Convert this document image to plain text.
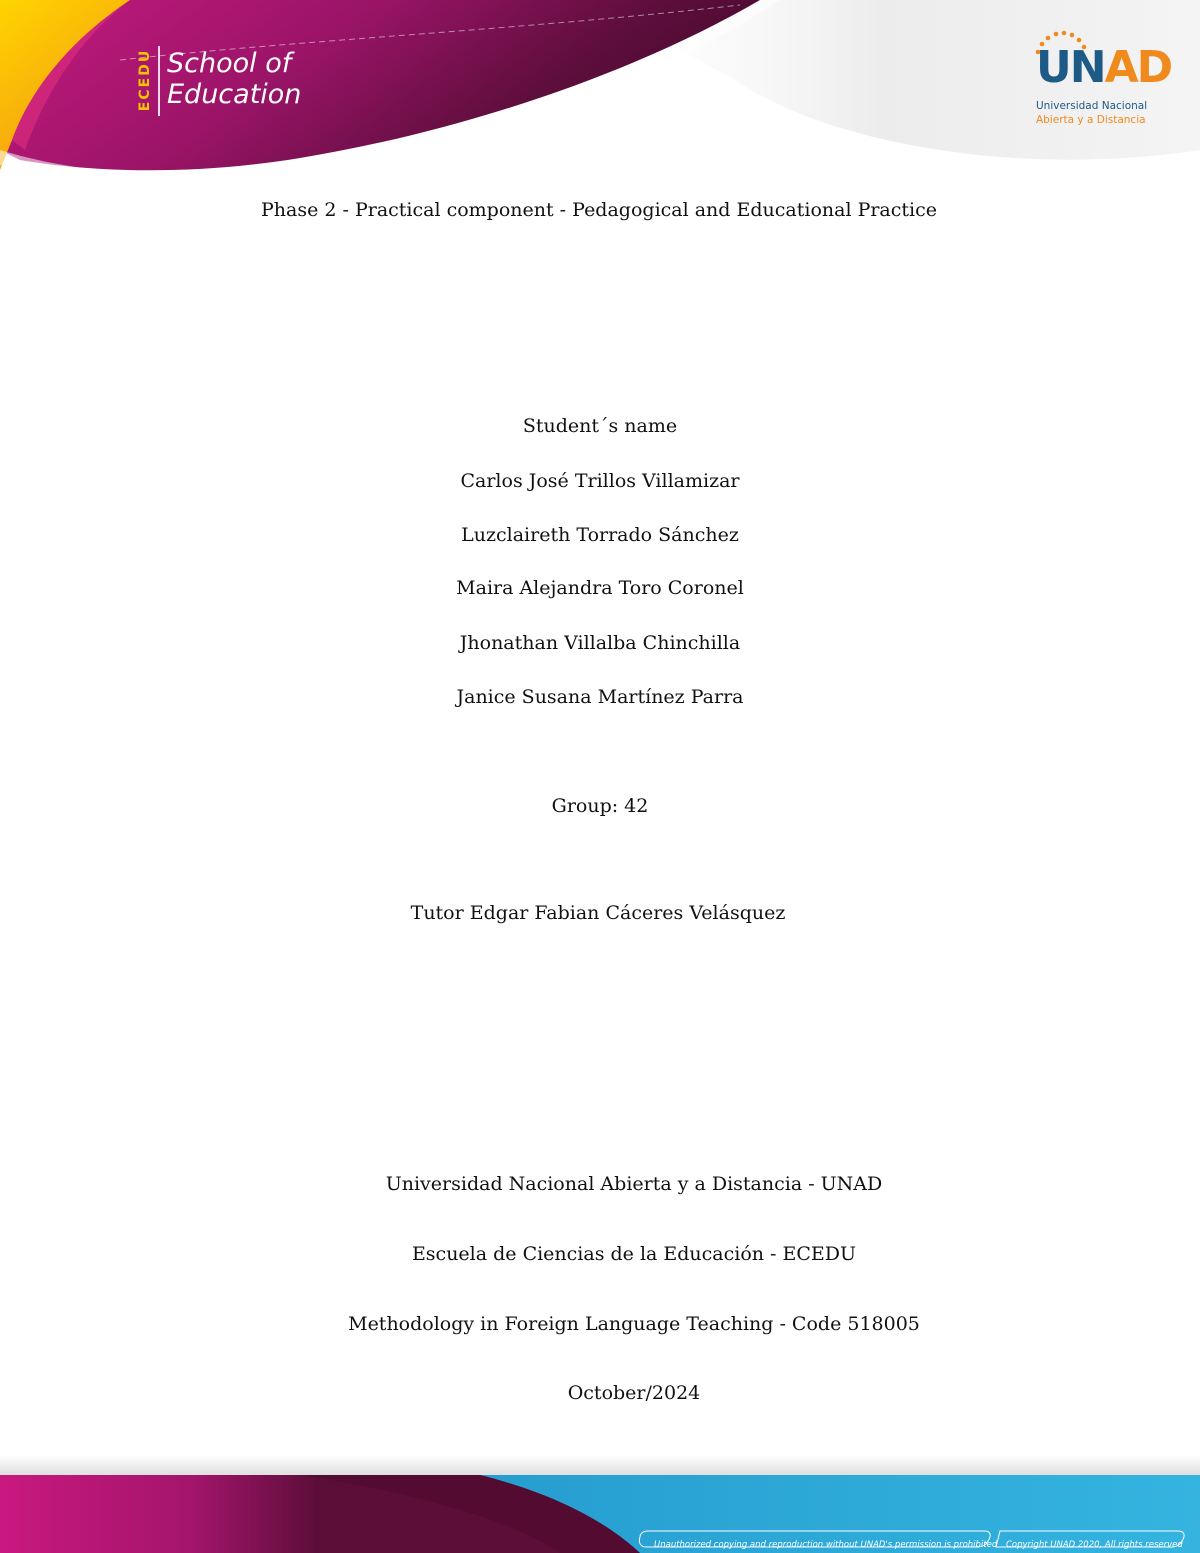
ECEDU School of
Education
UNAD
Universidad Nacional
Abierta y a Distancia
Phase 2 - Practical component - Pedagogical and Educational Practice
Student´s name
Carlos José Trillos Villamizar
Luzclaireth Torrado Sánchez
Maira Alejandra Toro Coronel
Jhonathan Villalba Chinchilla
Janice Susana Martínez Parra
Group: 42
Tutor Edgar Fabian Cáceres Velásquez
Universidad Nacional Abierta y a Distancia - UNAD
Escuela de Ciencias de la Educación - ECEDU
Methodology in Foreign Language Teaching - Code 518005
October/2024
Unauthorized copying and reproduction without UNAD's permission is prohibited Copyright UNAD 2020, All rights reserved
